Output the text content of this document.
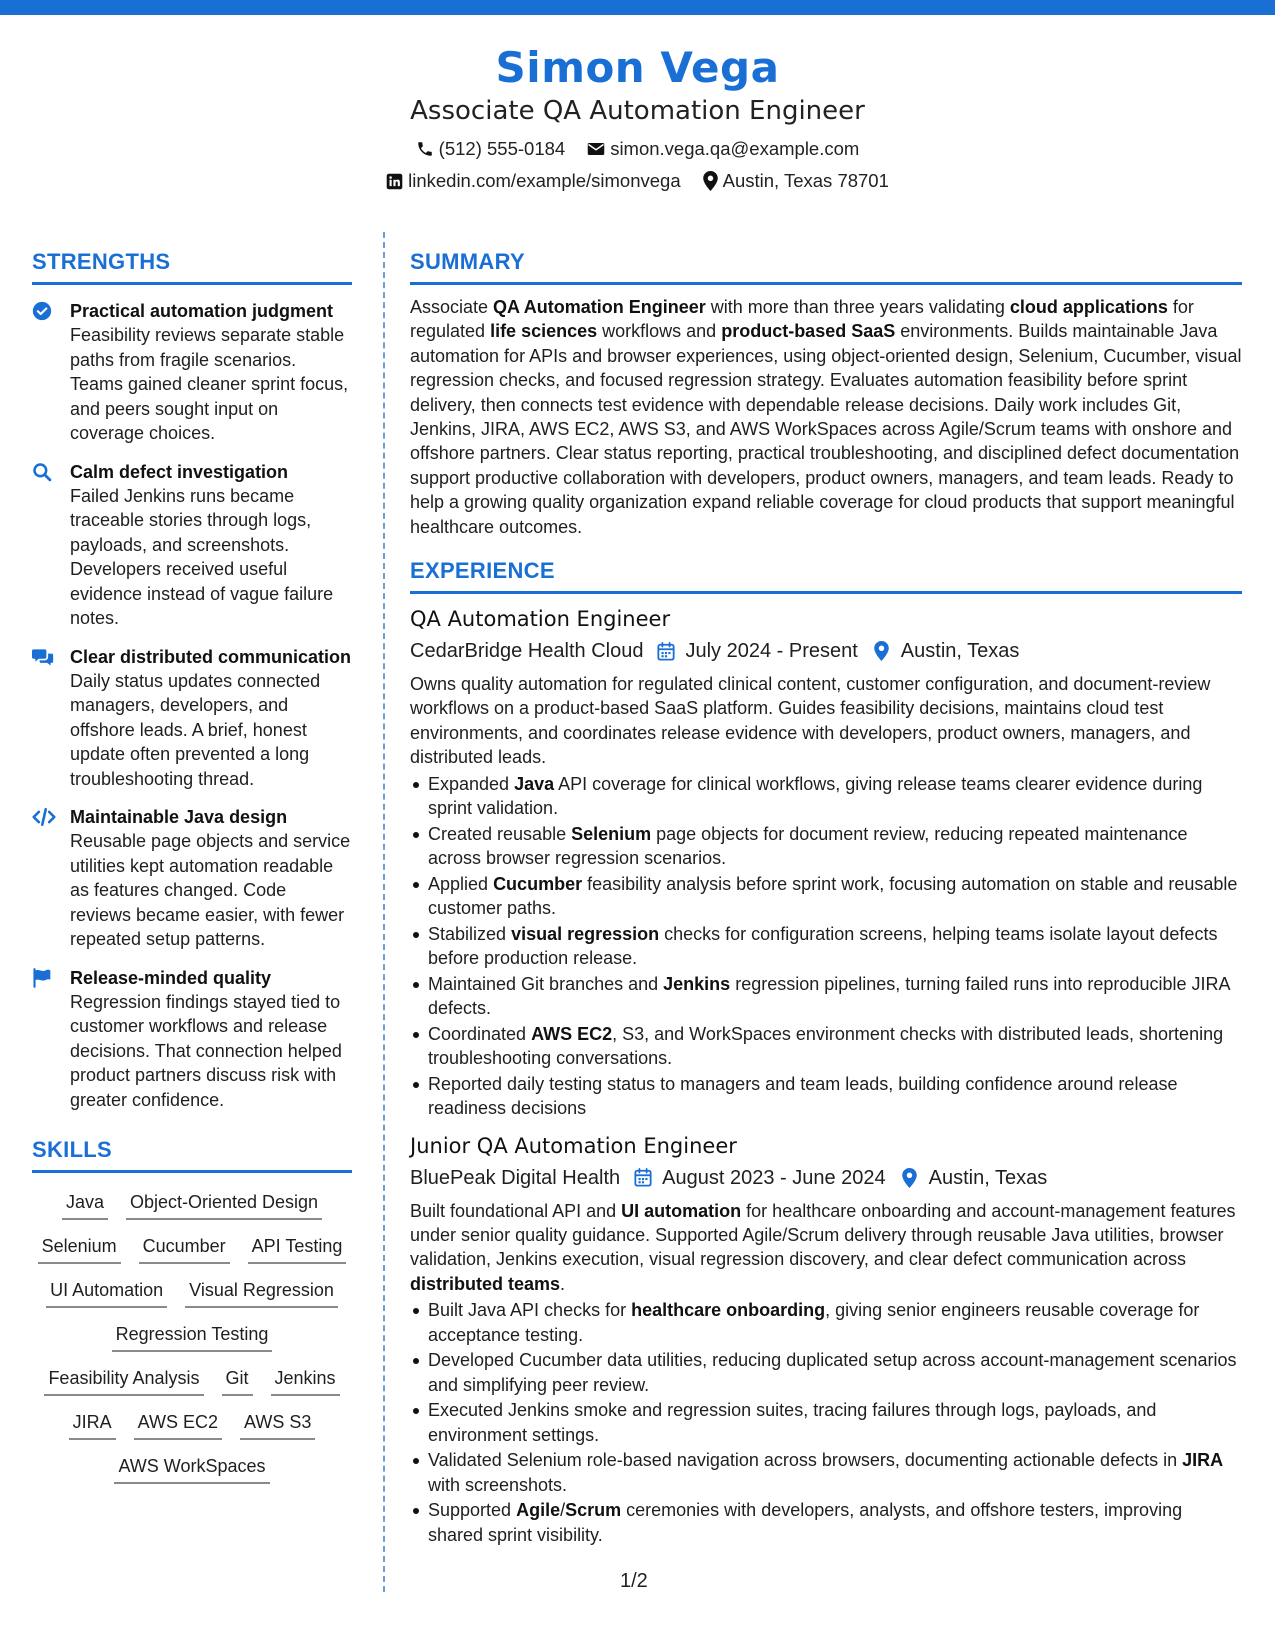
Simon Vega
Associate QA Automation Engineer
(512) 555-0184 simon.vega.qa@example.com
linkedin.com/example/simonvega Austin, Texas 78701
STRENGTHS
Practical automation judgment
Feasibility reviews separate stable paths from fragile scenarios. Teams gained cleaner sprint focus, and peers sought input on coverage choices.
Calm defect investigation
Failed Jenkins runs became traceable stories through logs, payloads, and screenshots. Developers received useful evidence instead of vague failure notes.
Clear distributed communication
Daily status updates connected managers, developers, and offshore leads. A brief, honest update often prevented a long troubleshooting thread.
Maintainable Java design
Reusable page objects and service utilities kept automation readable as features changed. Code reviews became easier, with fewer repeated setup patterns.
Release-minded quality
Regression findings stayed tied to customer workflows and release decisions. That connection helped product partners discuss risk with greater confidence.
SKILLS
Java Object-Oriented Design
Selenium Cucumber API Testing
UI Automation Visual Regression
Regression Testing
Feasibility Analysis Git Jenkins
JIRA AWS EC2 AWS S3
AWS WorkSpaces
SUMMARY
Associate QA Automation Engineer with more than three years validating cloud applications for regulated life sciences workflows and product-based SaaS environments. Builds maintainable Java automation for APIs and browser experiences, using object-oriented design, Selenium, Cucumber, visual regression checks, and focused regression strategy. Evaluates automation feasibility before sprint delivery, then connects test evidence with dependable release decisions. Daily work includes Git, Jenkins, JIRA, AWS EC2, AWS S3, and AWS WorkSpaces across Agile/Scrum teams with onshore and offshore partners. Clear status reporting, practical troubleshooting, and disciplined defect documentation support productive collaboration with developers, product owners, managers, and team leads. Ready to help a growing quality organization expand reliable coverage for cloud products that support meaningful healthcare outcomes.
EXPERIENCE
QA Automation Engineer
CedarBridge Health Cloud July 2024 - Present Austin, Texas
Owns quality automation for regulated clinical content, customer configuration, and document-review workflows on a product-based SaaS platform. Guides feasibility decisions, maintains cloud test environments, and coordinates release evidence with developers, product owners, managers, and distributed leads.
Expanded Java API coverage for clinical workflows, giving release teams clearer evidence during sprint validation.
Created reusable Selenium page objects for document review, reducing repeated maintenance across browser regression scenarios.
Applied Cucumber feasibility analysis before sprint work, focusing automation on stable and reusable customer paths.
Stabilized visual regression checks for configuration screens, helping teams isolate layout defects before production release.
Maintained Git branches and Jenkins regression pipelines, turning failed runs into reproducible JIRA defects.
Coordinated AWS EC2, S3, and WorkSpaces environment checks with distributed leads, shortening troubleshooting conversations.
Reported daily testing status to managers and team leads, building confidence around release readiness decisions
Junior QA Automation Engineer
BluePeak Digital Health August 2023 - June 2024 Austin, Texas
Built foundational API and UI automation for healthcare onboarding and account-management features under senior quality guidance. Supported Agile/Scrum delivery through reusable Java utilities, browser validation, Jenkins execution, visual regression discovery, and clear defect communication across distributed teams.
Built Java API checks for healthcare onboarding, giving senior engineers reusable coverage for acceptance testing.
Developed Cucumber data utilities, reducing duplicated setup across account-management scenarios and simplifying peer review.
Executed Jenkins smoke and regression suites, tracing failures through logs, payloads, and environment settings.
Validated Selenium role-based navigation across browsers, documenting actionable defects in JIRA with screenshots.
Supported Agile/Scrum ceremonies with developers, analysts, and offshore testers, improving shared sprint visibility.
1/2
